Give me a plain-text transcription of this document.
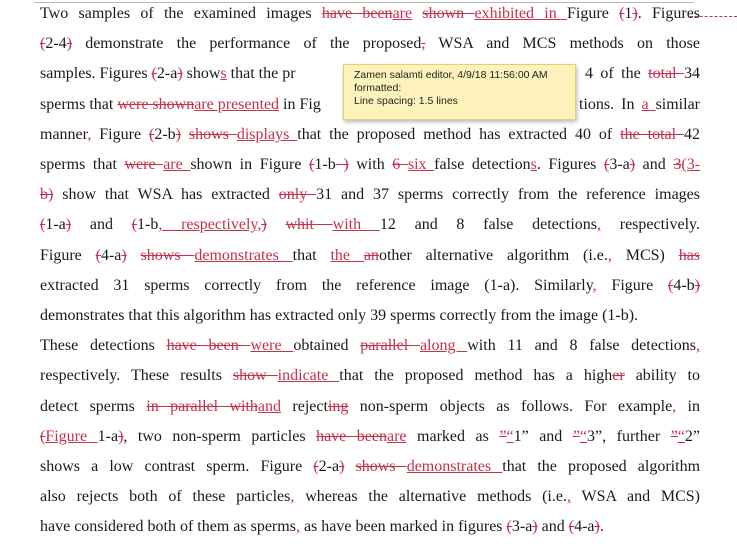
Two samples of the examined images have beenare shown exhibited in Figure (1). Figures
(2-4) demonstrate the performance of the proposed, WSA and MCS methods on those
samples. Figures (2-a) shows that the pr
sperms that were shownare presented in Fig
manner, Figure (2-b) shows displays that the proposed method has extracted 40 of the total 42
sperms that were are shown in Figure (1-b ) with 6 six false detections. Figures (3-a) and 3(3-
b) show that WSA has extracted only 31 and 37 sperms correctly from the reference images
(1-a) and (1-b, respectively,) whit with 12 and 8 false detections, respectively.
Figure (4-a) shows demonstrates that the another alternative algorithm (i.e., MCS) has
extracted 31 sperms correctly from the reference image (1-a). Similarly, Figure (4-b)
demonstrates that this algorithm has extracted only 39 sperms correctly from the image (1-b).
These detections have been were obtained parallel along with 11 and 8 false detections,
respectively. These results show indicate that the proposed method has a higher ability to
detect sperms in parallel withand rejecting non-sperm objects as follows. For example, in
(Figure 1-a), two non-sperm particles have beenare marked as ”“1” and ”“3”, further ”“2”
shows a low contrast sperm. Figure (2-a) shows demonstrates that the proposed algorithm
also rejects both of these particles, whereas the alternative methods (i.e., WSA and MCS)
have considered both of them as sperms, as have been marked in figures (3-a) and (4-a).
4 of the total 34
tions. In a similar
Zamen salamti editor, 4/9/18 11:56:00 AM
formatted:
Line spacing: 1.5 lines
